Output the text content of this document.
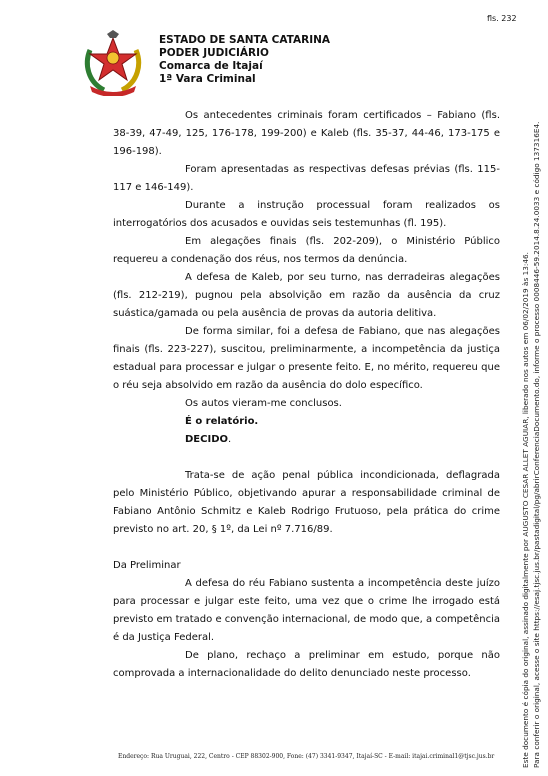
fls. 232
ESTADO DE SANTA CATARINA
PODER JUDICIÁRIO
Comarca de Itajaí
1ª Vara Criminal

Os antecedentes criminais foram certificados – Fabiano (fls. 38-39, 47-49, 125, 176-178, 199-200) e Kaleb (fls. 35-37, 44-46, 173-175 e 196-198).

Foram apresentadas as respectivas defesas prévias (fls. 115-117 e 146-149).

Durante a instrução processual foram realizados os interrogatórios dos acusados e ouvidas seis testemunhas (fl. 195).

Em alegações finais (fls. 202-209), o Ministério Público requereu a condenação dos réus, nos termos da denúncia.

A defesa de Kaleb, por seu turno, nas derradeiras alegações (fls. 212-219), pugnou pela absolvição em razão da ausência da cruz suástica/gamada ou pela ausência de provas da autoria delitiva.

De forma similar, foi a defesa de Fabiano, que nas alegações finais (fls. 223-227), suscitou, preliminarmente, a incompetência da justiça estadual para processar e julgar o presente feito. E, no mérito, requereu que o réu seja absolvido em razão da ausência do dolo específico.

Os autos vieram-me conclusos.

É o relatório.

DECIDO.

Trata-se de ação penal pública incondicionada, deflagrada pelo Ministério Público, objetivando apurar a responsabilidade criminal de Fabiano Antônio Schmitz e Kaleb Rodrigo Frutuoso, pela prática do crime previsto no art. 20, § 1º, da Lei nº 7.716/89.

Da Preliminar

A defesa do réu Fabiano sustenta a incompetência deste juízo para processar e julgar este feito, uma vez que o crime lhe irrogado está previsto em tratado e convenção internacional, de modo que, a competência é da Justiça Federal.

De plano, rechaço a preliminar em estudo, porque não comprovada a internacionalidade do delito denunciado neste processo.

Endereço: Rua Uruguai, 222, Centro - CEP 88302-900, Fone: (47) 3341-9347, Itajaí-SC - E-mail: itajai.criminal1@tjsc.jus.br	Este documento é cópia do original, assinado digitalmente por AUGUSTO CESAR ALLET AGUIAR, liberado nos autos em 06/02/2019 às 13:46. Para conferir o original, acesse o site https://esaj.tjsc.jus.br/pastadigital/pg/abrirConferenciaDocumento.do, informe o processo 0008446-59.2014.8.24.0033 e código 137316E4.
